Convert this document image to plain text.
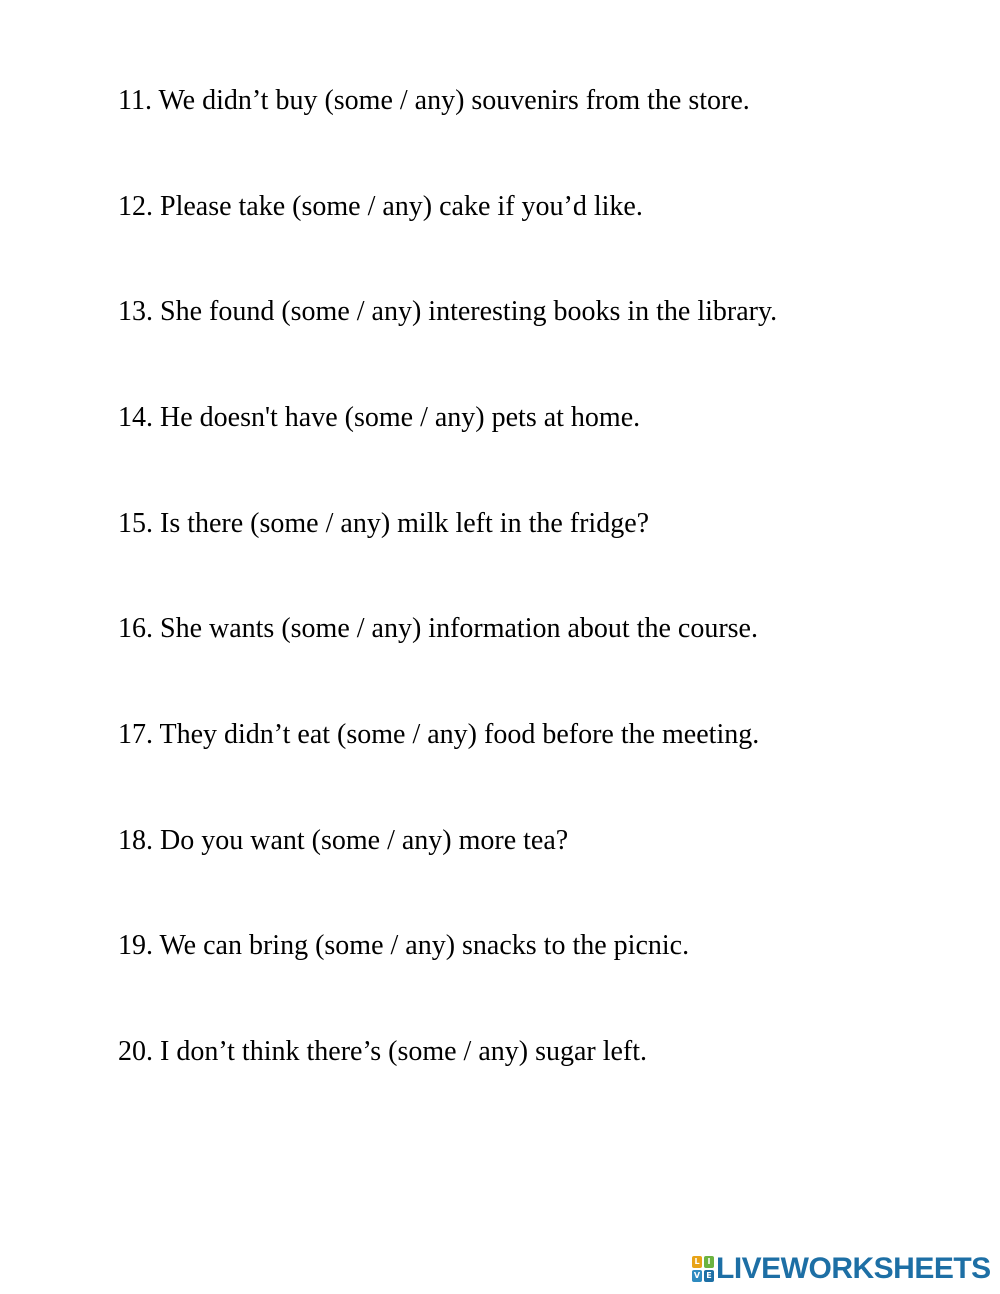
11. We didn’t buy (some / any) souvenirs from the store.
12. Please take (some / any) cake if you’d like.
13. She found (some / any) interesting books in the library.
14. He doesn't have (some / any) pets at home.
15. Is there (some / any) milk left in the fridge?
16. She wants (some / any) information about the course.
17. They didn’t eat (some / any) food before the meeting.
18. Do you want (some / any) more tea?
19. We can bring (some / any) snacks to the picnic.
20. I don’t think there’s (some / any) sugar left.
L I
V E LIVEWORKSHEETS
